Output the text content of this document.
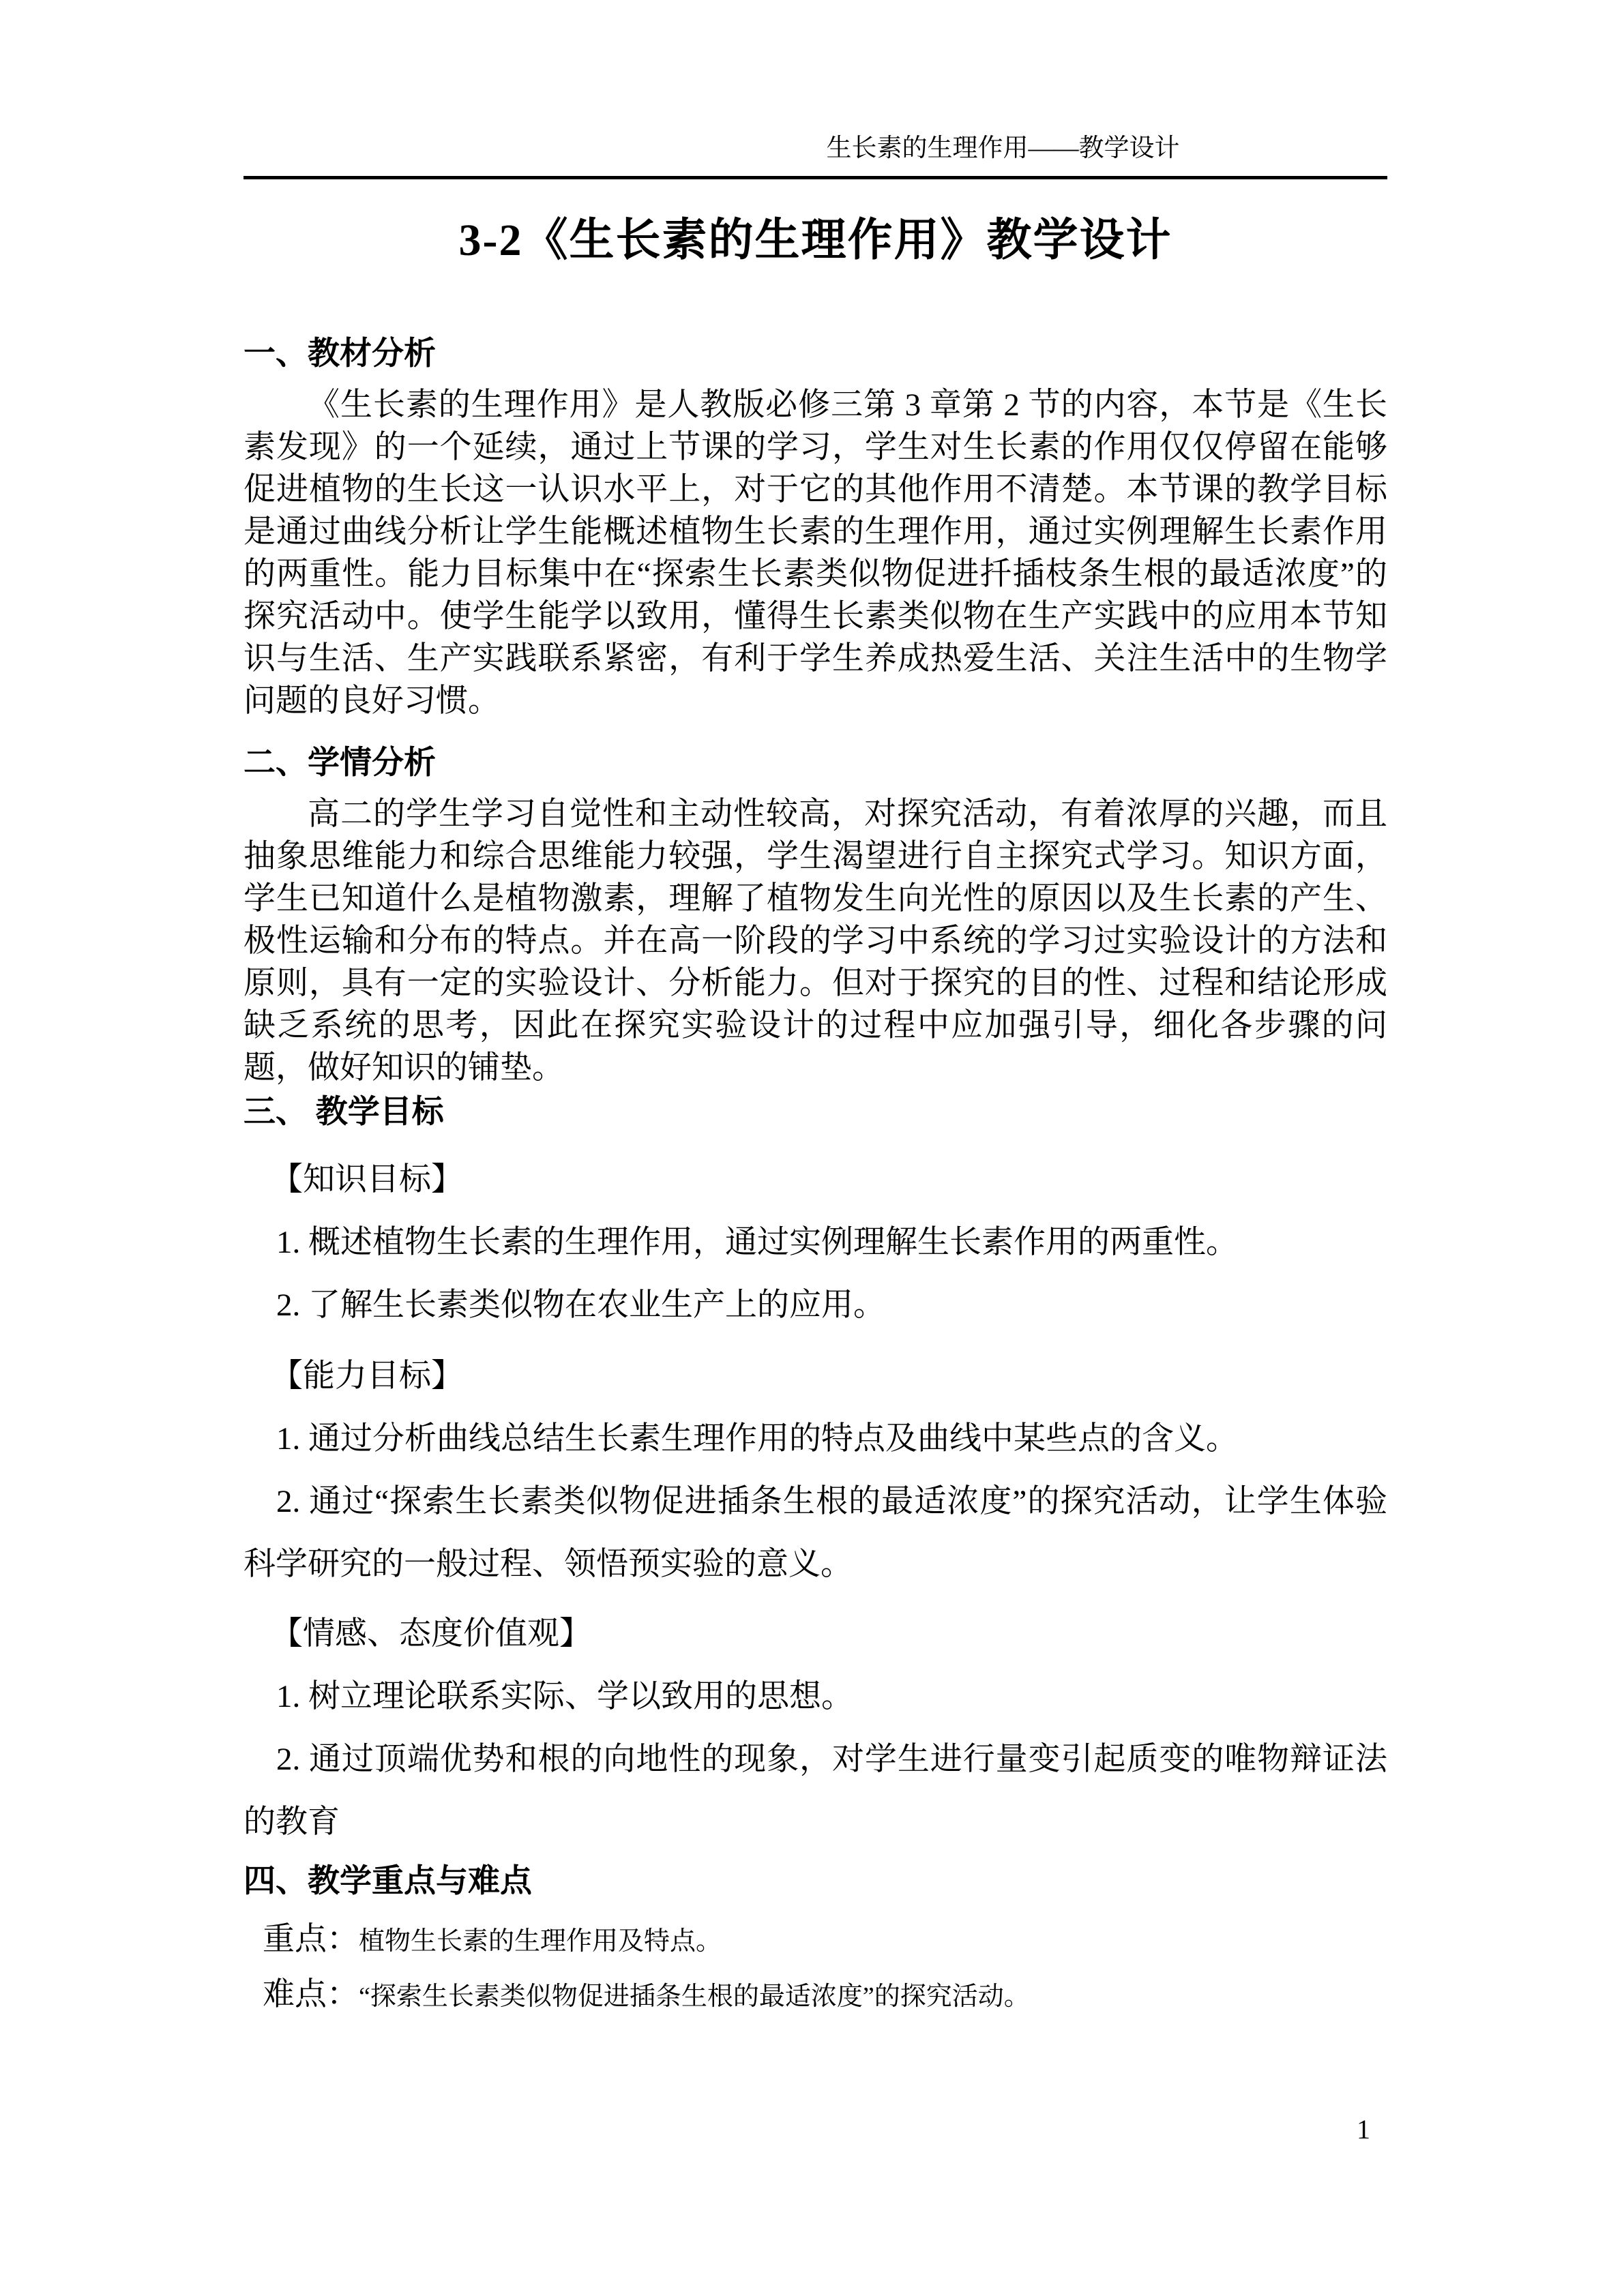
生长素的生理作用——教学设计
3-2《生长素的生理作用》教学设计
一、教材分析

《生长素的生理作用》是人教版必修三第 3 章第 2 节的内容，本节是《生长素发现》的一个延续，通过上节课的学习，学生对生长素的作用仅仅停留在能够促进植物的生长这一认识水平上，对于它的其他作用不清楚。本节课的教学目标是通过曲线分析让学生能概述植物生长素的生理作用，通过实例理解生长素作用的两重性。能力目标集中在“探索生长素类似物促进扦插枝条生根的最适浓度”的探究活动中。使学生能学以致用，懂得生长素类似物在生产实践中的应用本节知识与生活、生产实践联系紧密，有利于学生养成热爱生活、关注生活中的生物学问题的良好习惯。

二、学情分析

高二的学生学习自觉性和主动性较高，对探究活动，有着浓厚的兴趣，而且抽象思维能力和综合思维能力较强，学生渴望进行自主探究式学习。知识方面，学生已知道什么是植物激素，理解了植物发生向光性的原因以及生长素的产生、极性运输和分布的特点。并在高一阶段的学习中系统的学习过实验设计的方法和原则，具有一定的实验设计、分析能力。但对于探究的目的性、过程和结论形成缺乏系统的思考，因此在探究实验设计的过程中应加强引导，细化各步骤的问题，做好知识的铺垫。

三、 教学目标

【知识目标】

1. 概述植物生长素的生理作用，通过实例理解生长素作用的两重性。

2. 了解生长素类似物在农业生产上的应用。

【能力目标】

1. 通过分析曲线总结生长素生理作用的特点及曲线中某些点的含义。

2. 通过“探索生长素类似物促进插条生根的最适浓度”的探究活动，让学生体验科学研究的一般过程、领悟预实验的意义。

【情感、态度价值观】

1. 树立理论联系实际、学以致用的思想。

2. 通过顶端优势和根的向地性的现象，对学生进行量变引起质变的唯物辩证法的教育

四、教学重点与难点

重点：植物生长素的生理作用及特点。

难点：“探索生长素类似物促进插条生根的最适浓度”的探究活动。

1
